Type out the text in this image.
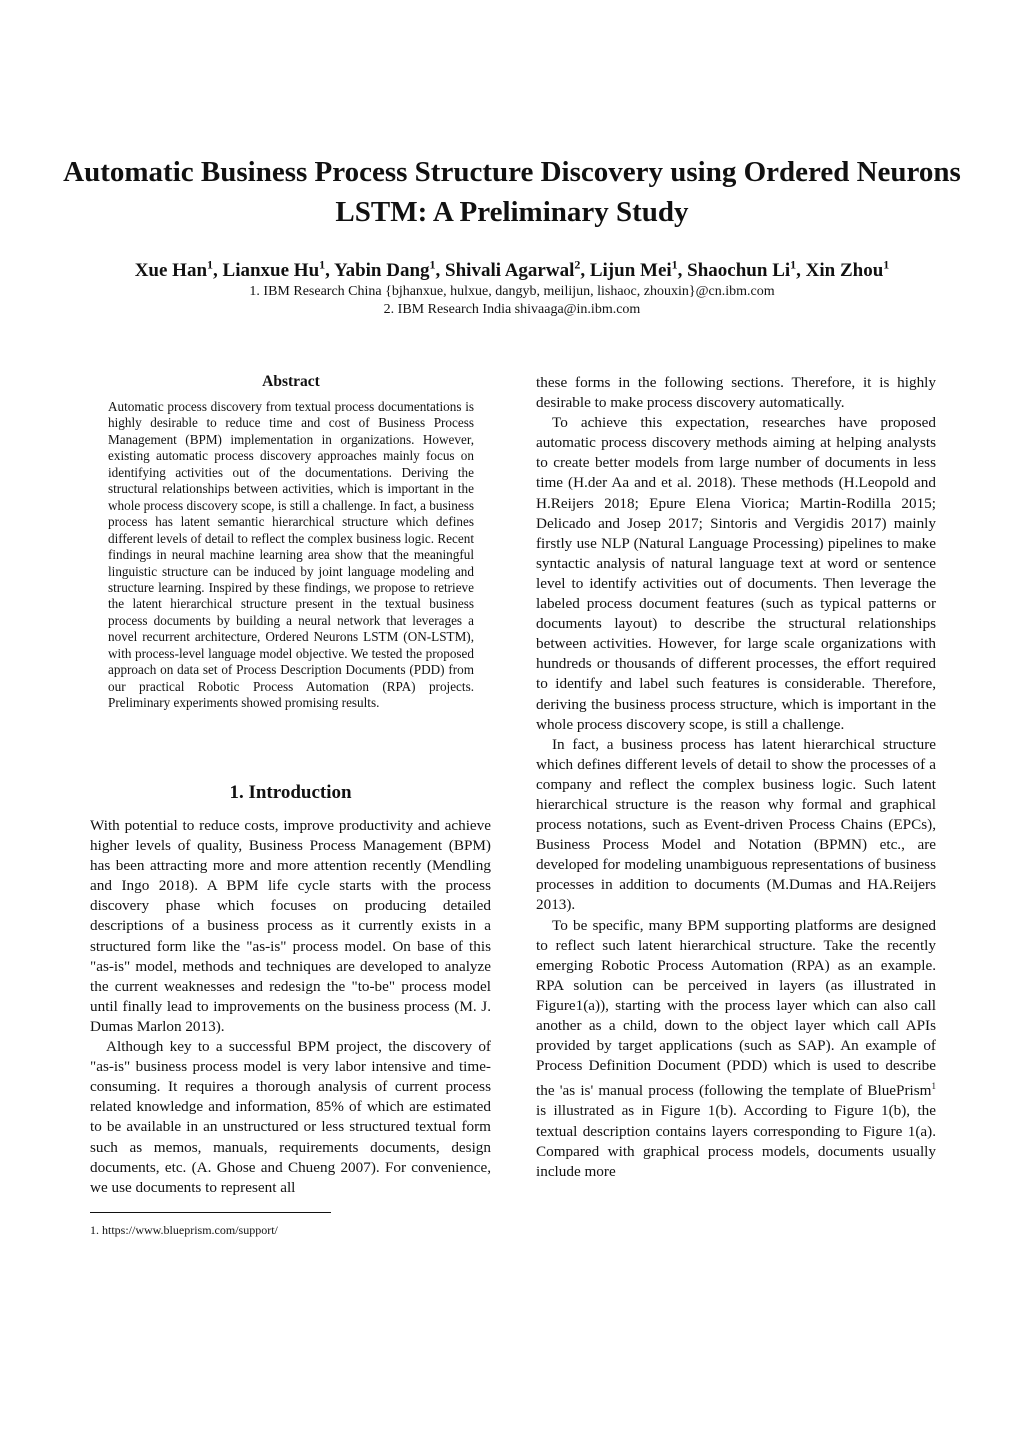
Automatic Business Process Structure Discovery using Ordered Neurons
LSTM: A Preliminary Study

Xue Han$^1$, Lianxue Hu$^1$, Yabin Dang$^1$, Shivali Agarwal$^2$, Lijun Mei$^1$, Shaochun Li$^1$, Xin Zhou$^1$

1. IBM Research China {bjhanxue, hulxue, dangyb, meilijun, lishaoc, zhouxin}@cn.ibm.com

2. IBM Research India shivaaga@in.ibm.com

Abstract

Automatic process discovery from textual process documentations is highly desirable to reduce time and cost of Business Process Management (BPM) implementation in organizations. However, existing automatic process discovery approaches mainly focus on identifying activities out of the documentations. Deriving the structural relationships between activities, which is important in the whole process discovery scope, is still a challenge. In fact, a business process has latent semantic hierarchical structure which defines different levels of detail to reflect the complex business logic. Recent findings in neural machine learning area show that the meaningful linguistic structure can be induced by joint language modeling and structure learning. Inspired by these findings, we propose to retrieve the latent hierarchical structure present in the textual business process documents by building a neural network that leverages a novel recurrent architecture, Ordered Neurons LSTM (ON-LSTM), with process-level language model objective. We tested the proposed approach on data set of Process Description Documents (PDD) from our practical Robotic Process Automation (RPA) projects. Preliminary experiments showed promising results.

1. Introduction

With potential to reduce costs, improve productivity and achieve higher levels of quality, Business Process Management (BPM) has been attracting more and more attention recently (Mendling and Ingo 2018). A BPM life cycle starts with the process discovery phase which focuses on producing detailed descriptions of a business process as it currently exists in a structured form like the "as-is" process model. On base of this "as-is" model, methods and techniques are developed to analyze the current weaknesses and redesign the "to-be" process model until finally lead to improvements on the business process (M. J. Dumas Marlon 2013).

Although key to a successful BPM project, the discovery of "as-is" business process model is very labor intensive and time-consuming. It requires a thorough analysis of current process related knowledge and information, 85% of which are estimated to be available in an unstructured or less structured textual form such as memos, manuals, requirements documents, design documents, etc. (A. Ghose and Chueng 2007). For convenience, we use documents to represent all

these forms in the following sections. Therefore, it is highly desirable to make process discovery automatically.

To achieve this expectation, researches have proposed automatic process discovery methods aiming at helping analysts to create better models from large number of documents in less time (H.der Aa and et al. 2018). These methods (H.Leopold and H.Reijers 2018; Epure Elena Viorica; Martin-Rodilla 2015; Delicado and Josep 2017; Sintoris and Vergidis 2017) mainly firstly use NLP (Natural Language Processing) pipelines to make syntactic analysis of natural language text at word or sentence level to identify activities out of documents. Then leverage the labeled process document features (such as typical patterns or documents layout) to describe the structural relationships between activities. However, for large scale organizations with hundreds or thousands of different processes, the effort required to identify and label such features is considerable. Therefore, deriving the business process structure, which is important in the whole process discovery scope, is still a challenge.

In fact, a business process has latent hierarchical structure which defines different levels of detail to show the processes of a company and reflect the complex business logic. Such latent hierarchical structure is the reason why formal and graphical process notations, such as Event-driven Process Chains (EPCs), Business Process Model and Notation (BPMN) etc., are developed for modeling unambiguous representations of business processes in addition to documents (M.Dumas and HA.Reijers 2013).

To be specific, many BPM supporting platforms are designed to reflect such latent hierarchical structure. Take the recently emerging Robotic Process Automation (RPA) as an example. RPA solution can be perceived in layers (as illustrated in Figure1(a)), starting with the process layer which can also call another as a child, down to the object layer which call APIs provided by target applications (such as SAP). An example of Process Definition Document (PDD) which is used to describe the 'as is' manual process (following the template of BluePrism$^1$ is illustrated as in Figure 1(b). According to Figure 1(b), the textual description contains layers corresponding to Figure 1(a). Compared with graphical process models, documents usually include more

1. https://www.blueprism.com/support/
